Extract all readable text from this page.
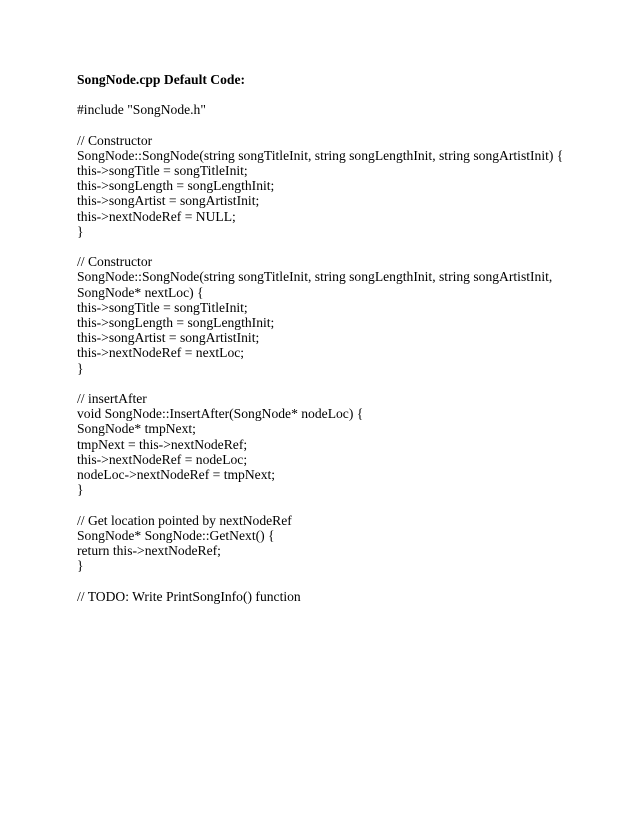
SongNode.cpp Default Code:
#include "SongNode.h"
// Constructor
SongNode::SongNode(string songTitleInit, string songLengthInit, string songArtistInit) {
this->songTitle = songTitleInit;
this->songLength = songLengthInit;
this->songArtist = songArtistInit;
this->nextNodeRef = NULL;
}
// Constructor
SongNode::SongNode(string songTitleInit, string songLengthInit, string songArtistInit,
SongNode* nextLoc) {
this->songTitle = songTitleInit;
this->songLength = songLengthInit;
this->songArtist = songArtistInit;
this->nextNodeRef = nextLoc;
}
// insertAfter
void SongNode::InsertAfter(SongNode* nodeLoc) {
SongNode* tmpNext;
tmpNext = this->nextNodeRef;
this->nextNodeRef = nodeLoc;
nodeLoc->nextNodeRef = tmpNext;
}
// Get location pointed by nextNodeRef
SongNode* SongNode::GetNext() {
return this->nextNodeRef;
}
// TODO: Write PrintSongInfo() function
